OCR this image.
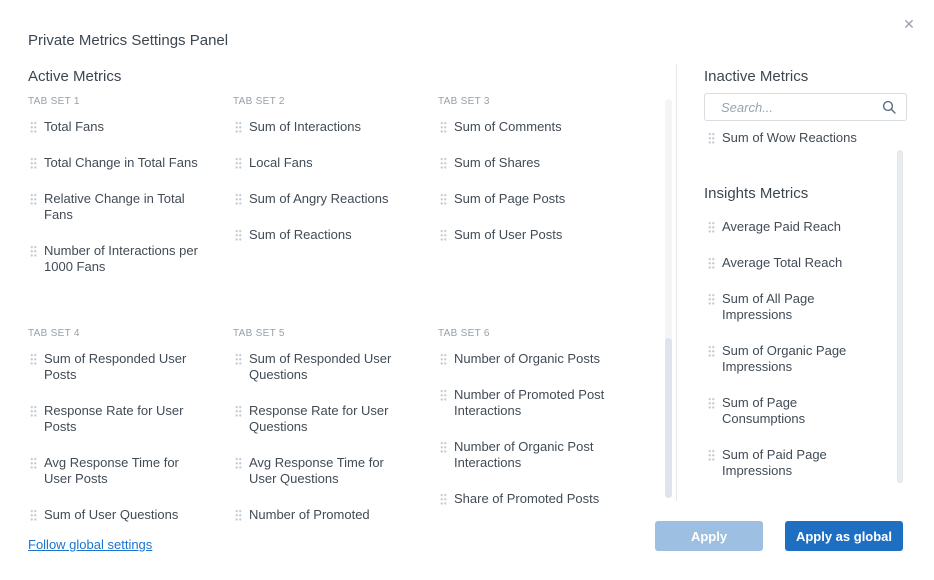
Private Metrics Settings Panel
✕
Active Metrics
TAB SET 1
Total Fans
Total Change in Total Fans
Relative Change in Total Fans
Number of Interactions per 1000 Fans
TAB SET 2
Sum of Interactions
Local Fans
Sum of Angry Reactions
Sum of Reactions
TAB SET 3
Sum of Comments
Sum of Shares
Sum of Page Posts
Sum of User Posts
TAB SET 4
Sum of Responded User Posts
Response Rate for User Posts
Avg Response Time for User Posts
Sum of User Questions
TAB SET 5
Sum of Responded User Questions
Response Rate for User Questions
Avg Response Time for User Questions
Number of Promoted
TAB SET 6
Number of Organic Posts
Number of Promoted Post Interactions
Number of Organic Post Interactions
Share of Promoted Posts
Inactive Metrics
Search...
Sum of Wow Reactions
Insights Metrics
Average Paid Reach
Average Total Reach
Sum of All Page Impressions
Sum of Organic Page Impressions
Sum of Page Consumptions
Sum of Paid Page Impressions
Follow global settings
Apply	Apply as global
